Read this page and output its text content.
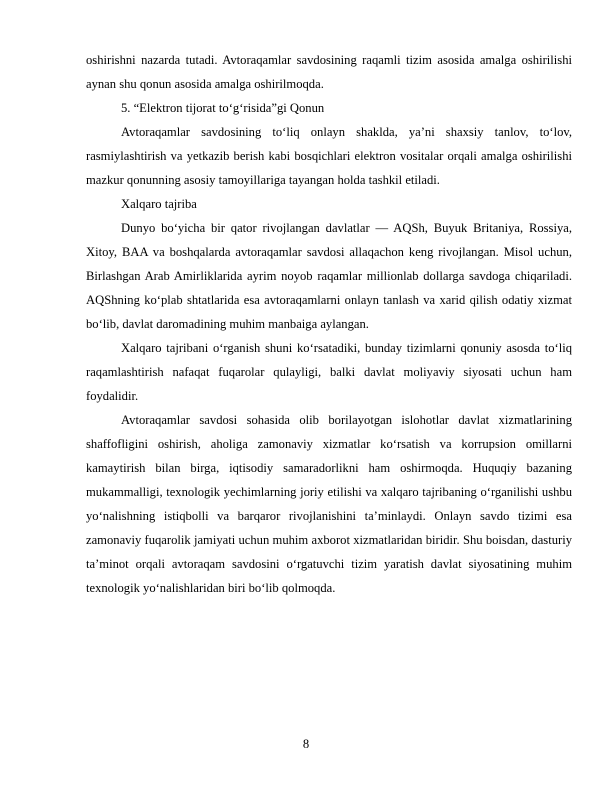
oshirishni nazarda tutadi. Avtoraqamlar savdosining raqamli tizim asosida amalga oshirilishi aynan shu qonun asosida amalga oshirilmoqda.

5. “Elektron tijorat to‘g‘risida”gi Qonun

Avtoraqamlar savdosining to‘liq onlayn shaklda, ya’ni shaxsiy tanlov, to‘lov, rasmiylashtirish va yetkazib berish kabi bosqichlari elektron vositalar orqali amalga oshirilishi mazkur qonunning asosiy tamoyillariga tayangan holda tashkil etiladi.

Xalqaro tajriba

Dunyo bo‘yicha bir qator rivojlangan davlatlar — AQSh, Buyuk Britaniya, Rossiya, Xitoy, BAA va boshqalarda avtoraqamlar savdosi allaqachon keng rivojlangan. Misol uchun, Birlashgan Arab Amirliklarida ayrim noyob raqamlar millionlab dollarga savdoga chiqariladi. AQShning ko‘plab shtatlarida esa avtoraqamlarni onlayn tanlash va xarid qilish odatiy xizmat bo‘lib, davlat daromadining muhim manbaiga aylangan.

Xalqaro tajribani o‘rganish shuni ko‘rsatadiki, bunday tizimlarni qonuniy asosda to‘liq raqamlashtirish nafaqat fuqarolar qulayligi, balki davlat moliyaviy siyosati uchun ham foydalidir.

Avtoraqamlar savdosi sohasida olib borilayotgan islohotlar davlat xizmatlarining shaffofligini oshirish, aholiga zamonaviy xizmatlar ko‘rsatish va korrupsion omillarni kamaytirish bilan birga, iqtisodiy samaradorlikni ham oshirmoqda. Huquqiy bazaning mukammalligi, texnologik yechimlarning joriy etilishi va xalqaro tajribaning o‘rganilishi ushbu yo‘nalishning istiqbolli va barqaror rivojlanishini ta’minlaydi. Onlayn savdo tizimi esa zamonaviy fuqarolik jamiyati uchun muhim axborot xizmatlaridan biridir. Shu boisdan, dasturiy ta’minot orqali avtoraqam savdosini o‘rgatuvchi tizim yaratish davlat siyosatining muhim texnologik yo‘nalishlaridan biri bo‘lib qolmoqda.

8
